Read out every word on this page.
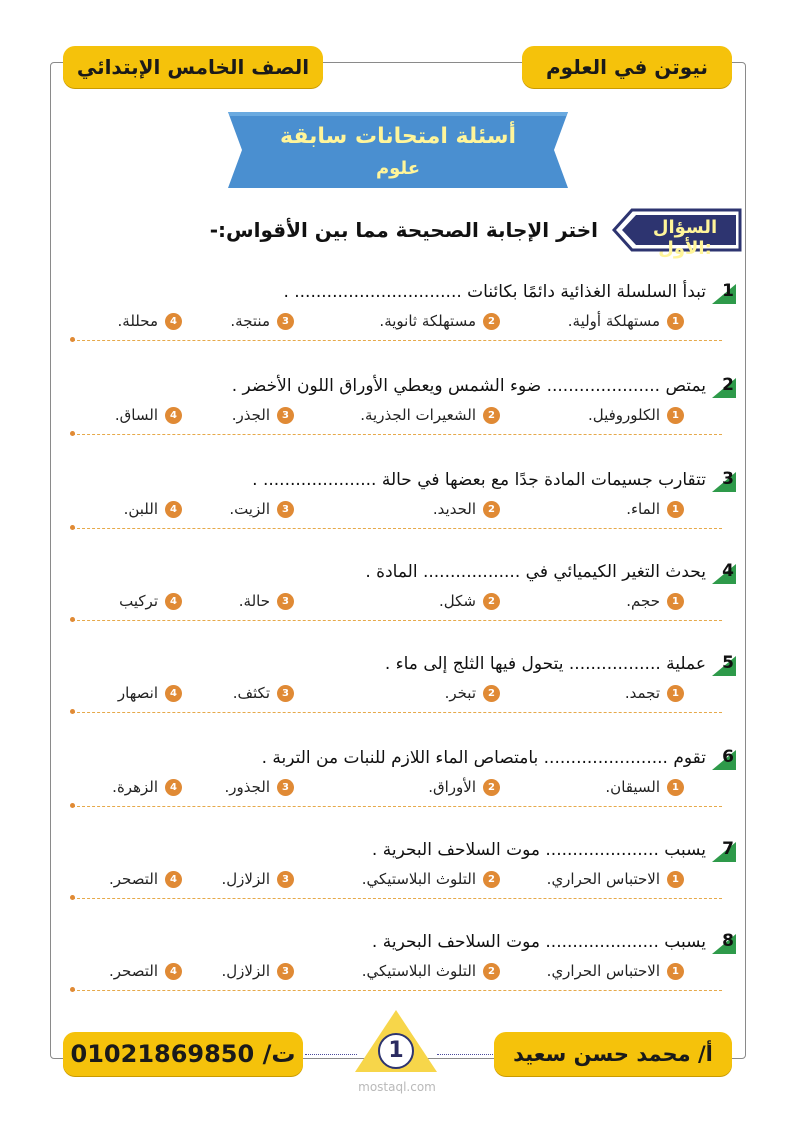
نيوتن في العلوم
الصف الخامس الإبتدائي
أسئلة امتحانات سابقة
علوم
السؤال الأول:
اختر الإجابة الصحيحة مما بين الأقواس:-
1
تبدأ السلسلة الغذائية دائمًا بكائنات ............................... .
1
مستهلكة أولية.
2
مستهلكة ثانوية.
3
منتجة.
4
محللة.
2
يمتص ..................... ضوء الشمس ويعطي الأوراق اللون الأخضر .
1
الكلوروفيل.
2
الشعيرات الجذرية.
3
الجذر.
4
الساق.
3
تتقارب جسيمات المادة جدًا مع بعضها في حالة ..................... .
1
الماء.
2
الحديد.
3
الزيت.
4
اللبن.
4
يحدث التغير الكيميائي في .................. المادة .
1
حجم.
2
شكل.
3
حالة.
4
تركيب
5
عملية ................. يتحول فيها الثلج إلى ماء .
1
تجمد.
2
تبخر.
3
تكثف.
4
انصهار
6
تقوم ....................... بامتصاص الماء اللازم للنبات من التربة .
1
السيقان.
2
الأوراق.
3
الجذور.
4
الزهرة.
7
يسبب ..................... موت السلاحف البحرية .
1
الاحتباس الحراري.
2
التلوث البلاستيكي.
3
الزلازل.
4
التصحر.
8
يسبب ..................... موت السلاحف البحرية .
1
الاحتباس الحراري.
2
التلوث البلاستيكي.
3
الزلازل.
4
التصحر.
أ/ محمد حسن سعيد
ت/ 01021869850	1
mostaql.com
